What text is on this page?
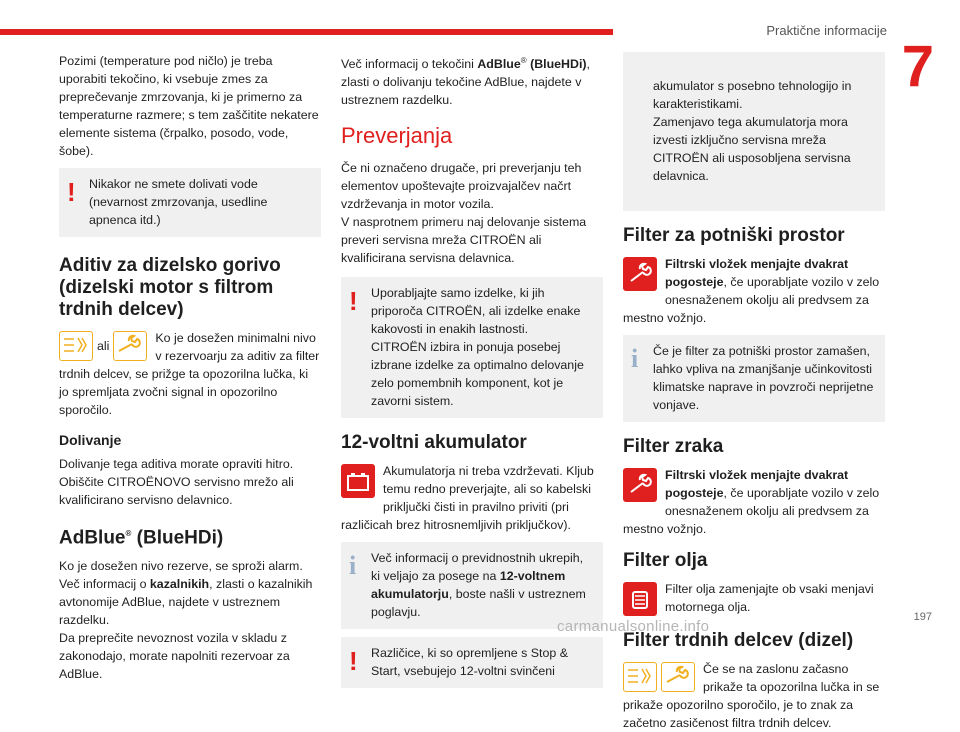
Praktične informacije
7

Pozimi (temperature pod ničlo) je treba uporabiti tekočino, ki vsebuje zmes za preprečevanje zmrzovanja, ki je primerno za temperaturne razmere; s tem zaščitite nekatere elemente sistema (črpalko, posodo, vode, šobe).

!	Nikakor ne smete dolivati vode (nevarnost zmrzovanja, usedline apnenca itd.)
Aditiv za dizelsko gorivo (dizelski motor s filtrom trdnih delcev)
ali

Ko je dosežen minimalni nivo v rezervoarju za aditiv za filter trdnih delcev, se prižge ta opozorilna lučka, ki jo spremljata zvočni signal in opozorilno sporočilo.

Dolivanje

Dolivanje tega aditiva morate opraviti hitro. Obiščite CITROËNOVO servisno mrežo ali kvalificirano servisno delavnico.

AdBlue® (BlueHDi)

Ko je dosežen nivo rezerve, se sproži alarm.

Več informacij o kazalnikih, zlasti o kazalnikih avtonomije AdBlue, najdete v ustreznem razdelku.

Da preprečite nevoznost vozila v skladu z zakonodajo, morate napolniti rezervoar za AdBlue.

Več informacij o tekočini AdBlue® (BlueHDi), zlasti o dolivanju tekočine AdBlue, najdete v ustreznem razdelku.

Preverjanja

Če ni označeno drugače, pri preverjanju teh elementov upoštevajte proizvajalčev načrt vzdrževanja in motor vozila.

V nasprotnem primeru naj delovanje sistema preveri servisna mreža CITROËN ali kvalificirana servisna delavnica.

!	Uporabljajte samo izdelke, ki jih priporoča CITROËN, ali izdelke enake kakovosti in enakih lastnosti.

CITROËN izbira in ponuja posebej izbrane izdelke za optimalno delovanje zelo pomembnih komponent, kot je zavorni sistem.

12-voltni akumulator

Akumulatorja ni treba vzdrževati. Kljub temu redno preverjajte, ali so kabelski priključki čisti in pravilno priviti (pri različicah brez hitrosnemljivih priključkov).

i	Več informacij o previdnostnih ukrepih, ki veljajo za posege na 12-voltnem akumulatorju, boste našli v ustreznem poglavju.
!	Različice, ki so opremljene s Stop & Start, vsebujejo 12-voltni svinčeni

akumulator s posebno tehnologijo in karakteristikami.
Zamenjavo tega akumulatorja mora izvesti izključno servisna mreža CITROËN ali usposobljena servisna delavnica.

Filter za potniški prostor

Filtrski vložek menjajte dvakrat pogosteje, če uporabljate vozilo v zelo onesnaženem okolju ali predvsem za mestno vožnjo.

i	Če je filter za potniški prostor zamašen, lahko vpliva na zmanjšanje učinkovitosti klimatske naprave in povzroči neprijetne vonjave.
Filter zraka

Filtrski vložek menjajte dvakrat pogosteje, če uporabljate vozilo v zelo onesnaženem okolju ali predvsem za mestno vožnjo.

Filter olja

Filter olja zamenjajte ob vsaki menjavi motornega olja.

Filter trdnih delcev (dizel)

Če se na zaslonu začasno prikaže ta opozorilna lučka in se prikaže opozorilno sporočilo, je to znak za začetno zasičenost filtra trdnih delcev.

197
carmanualsonline.info
